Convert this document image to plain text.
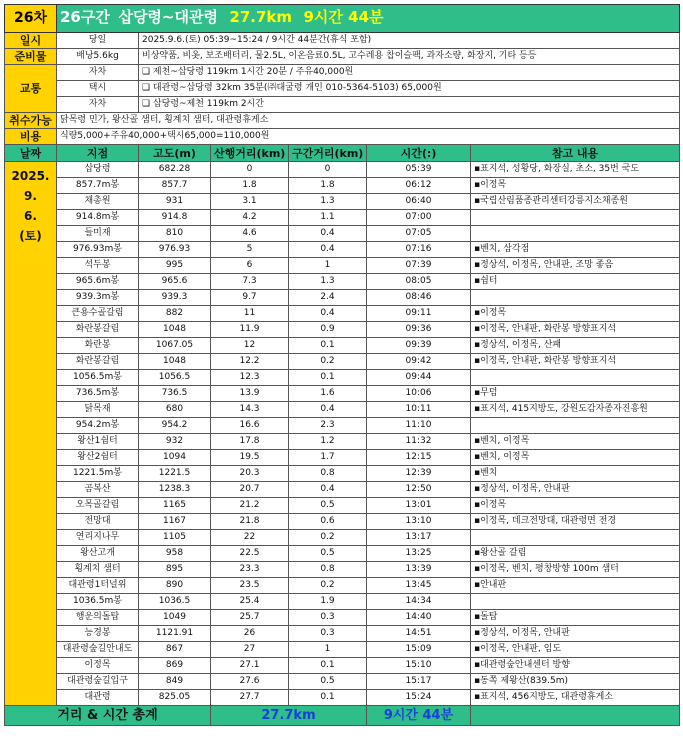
26차	26구간 삽당령~대관령 27.7km 9시간 44분					
일시	당일	2025.9.6.(토) 05:39~15:24 / 9시간 44분간(휴식 포함)				
준비물	배낭5.6kg	비상약품, 비옷, 보조배터리, 물2.5L, 이온음료0.5L, 고수레용 찹이슬팩, 과자소량, 화장지, 기타 등등				
교통	자차	❏ 제천~삽당령 119km 1시간 20분 / 주유40,000원				
	택시	❏ 대관령~삽당령 32km 35분(㈜대굴령 개인 010-5364-5103) 65,000원				
	자차	❏ 삽당령~제천 119km 2시간				
취수가능	닭목령 민가, 왕산골 샘터, 횡계치 샘터, 대관령휴게소					
비용	식량5,000+주유40,000+택시65,000=110,000원					
날짜	지점	고도(m)	산행거리(km)	구간거리(km)	시간(:)	참고 내용

2025.
9.
6.
(토)	삽당령	682.28	0	0	05:39	▪표지석, 성황당, 화장실, 초소, 35번 국도
	857.7m봉	857.7	1.8	1.8	06:12	▪이정목
	채총원	931	3.1	1.3	06:40	▪국립산림품종관리센터강릉지소채종원
	914.8m봉	914.8	4.2	1.1	07:00	
	들미재	810	4.6	0.4	07:05	
	976.93m봉	976.93	5	0.4	07:16	▪벤치, 삼각점
	석두봉	995	6	1	07:39	▪정상석, 이정목, 안내판, 조망 좋음
	965.6m봉	965.6	7.3	1.3	08:05	▪쉼터
	939.3m봉	939.3	9.7	2.4	08:46	
	큰용수골갈림	882	11	0.4	09:11	▪이정목
	화란봉갈림	1048	11.9	0.9	09:36	▪이정목, 안내판, 화란봉 방향표지석
	화란봉	1067.05	12	0.1	09:39	▪정상석, 이정목, 산패
	화란봉갈림	1048	12.2	0.2	09:42	▪이정목, 안내판, 화란봉 방향표지석
	1056.5m봉	1056.5	12.3	0.1	09:44	
	736.5m봉	736.5	13.9	1.6	10:06	▪무덤
	닭목재	680	14.3	0.4	10:11	▪표지석, 415지방도, 강원도감자종자진흥원
	954.2m봉	954.2	16.6	2.3	11:10	
	왕산1쉼터	932	17.8	1.2	11:32	▪벤치, 이정목
	왕산2쉼터	1094	19.5	1.7	12:15	▪벤치, 이정목
	1221.5m봉	1221.5	20.3	0.8	12:39	▪벤치
	곰복산	1238.3	20.7	0.4	12:50	▪정상석, 이정목, 안내판
	오목골갈림	1165	21.2	0.5	13:01	▪이정목
	전망대	1167	21.8	0.6	13:10	▪이정목, 데크전망대, 대관령면 전경
	연리지나무	1105	22	0.2	13:17	
	왕산고개	958	22.5	0.5	13:25	▪왕산골 갈림
	횡계치 샘터	895	23.3	0.8	13:39	▪이정목, 벤치, 평창방향 100m 샘터
	대관령1터널위	890	23.5	0.2	13:45	▪안내판
	1036.5m봉	1036.5	25.4	1.9	14:34	
	행운의돌탑	1049	25.7	0.3	14:40	▪돌탑
	능경봉	1121.91	26	0.3	14:51	▪정상석, 이정목, 안내판
	대관령숲길안내도	867	27	1	15:09	▪이정목, 안내판, 임도
	이정목	869	27.1	0.1	15:10	▪대관령숲안내센터 방향
	대관령숲길입구	849	27.6	0.5	15:17	▪동쪽 제왕산(839.5m)
	대관령	825.05	27.7	0.1	15:24	▪표지석, 456지방도, 대관령휴게소
거리 & 시간 총계			27.7km		9시간 44분	
